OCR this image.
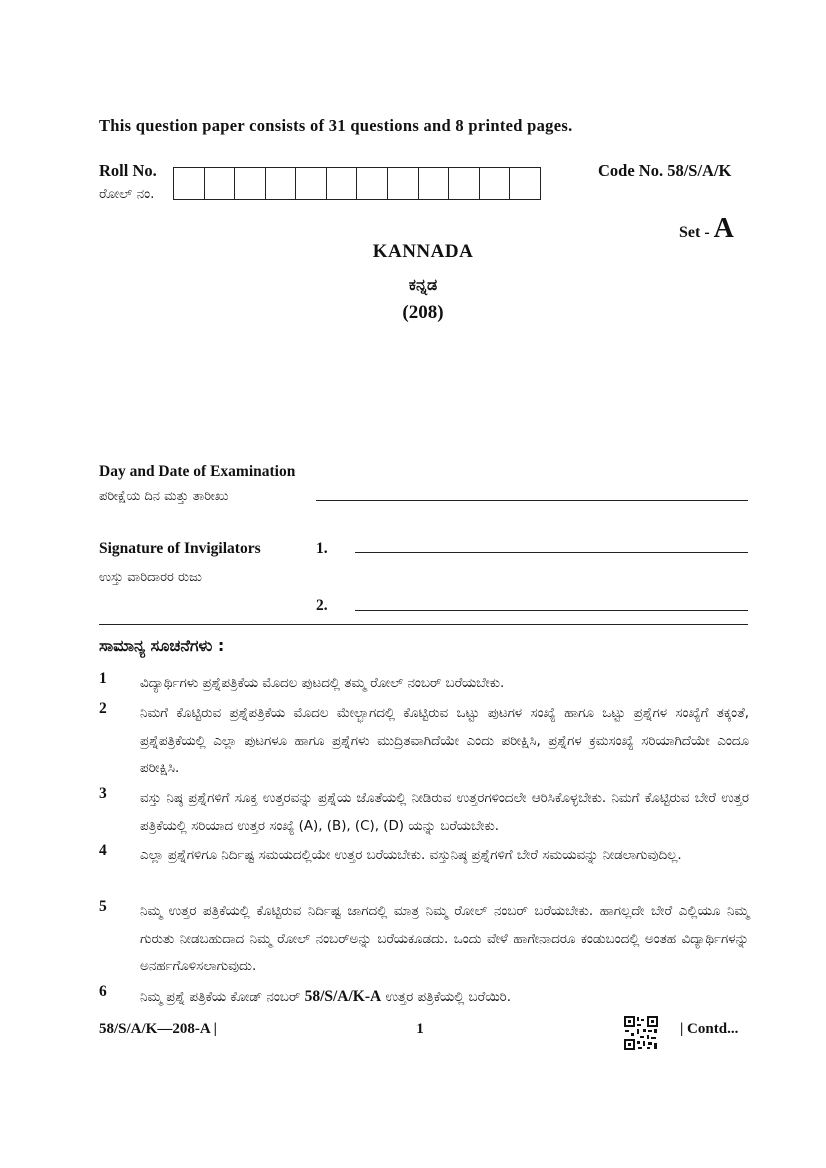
This question paper consists of 31 questions and 8 printed pages.
Roll No.
ರೋಲ್ ನಂ.
Code No. 58/S/A/K
Set - A
KANNADA
ಕನ್ನಡ
(208)
Day and Date of Examination
ಪರೀಕ್ಷೆಯ ದಿನ ಮತ್ತು ತಾರೀಖು
Signature of Invigilators
ಉಸ್ತು ವಾರಿದಾರರ ರುಜು
1.
2.
ಸಾಮಾನ್ಯ ಸೂಚನೆಗಳು :
1 ವಿದ್ಯಾರ್ಥಿಗಳು ಪ್ರಶ್ನೆಪತ್ರಿಕೆಯ ಮೊದಲ ಪುಟದಲ್ಲಿ ತಮ್ಮ ರೋಲ್ ನಂಬರ್ ಬರೆಯಬೇಕು.
2 ನಿಮಗೆ ಕೊಟ್ಟಿರುವ ಪ್ರಶ್ನೆಪತ್ರಿಕೆಯ ಮೊದಲ ಮೇಲ್ಭಾಗದಲ್ಲಿ ಕೊಟ್ಟಿರುವ ಒಟ್ಟು ಪುಟಗಳ ಸಂಖ್ಯೆ ಹಾಗೂ ಒಟ್ಟು ಪ್ರಶ್ನೆಗಳ ಸಂಖ್ಯೆಗೆ ತಕ್ಕಂತೆ, ಪ್ರಶ್ನೆಪತ್ರಿಕೆಯಲ್ಲಿ ಎಲ್ಲಾ ಪುಟಗಳೂ ಹಾಗೂ ಪ್ರಶ್ನೆಗಳು ಮುದ್ರಿತವಾಗಿದೆಯೇ ಎಂದು ಪರೀಕ್ಷಿಸಿ, ಪ್ರಶ್ನೆಗಳ ಕ್ರಮಸಂಖ್ಯೆ ಸರಿಯಾಗಿದೆಯೇ ಎಂದೂ ಪರೀಕ್ಷಿಸಿ.
3 ವಸ್ತು ನಿಷ್ಠ ಪ್ರಶ್ನೆಗಳಿಗೆ ಸೂಕ್ತ ಉತ್ತರವನ್ನು ಪ್ರಶ್ನೆಯ ಜೊತೆಯಲ್ಲಿ ನೀಡಿರುವ ಉತ್ತರಗಳಿಂದಲೇ ಆರಿಸಿಕೊಳ್ಳಬೇಕು. ನಿಮಗೆ ಕೊಟ್ಟಿರುವ ಬೇರೆ ಉತ್ತರ ಪತ್ರಿಕೆಯಲ್ಲಿ ಸರಿಯಾದ ಉತ್ತರ ಸಂಖ್ಯೆ (A), (B), (C), (D) ಯನ್ನು ಬರೆಯಬೇಕು.
4 ಎಲ್ಲಾ ಪ್ರಶ್ನೆಗಳಿಗೂ ನಿರ್ದಿಷ್ಟ ಸಮಯದಲ್ಲಿಯೇ ಉತ್ತರ ಬರೆಯಬೇಕು. ವಸ್ತುನಿಷ್ಠ ಪ್ರಶ್ನೆಗಳಿಗೆ ಬೇರೆ ಸಮಯವನ್ನು ನೀಡಲಾಗುವುದಿಲ್ಲ.
5 ನಿಮ್ಮ ಉತ್ತರ ಪತ್ರಿಕೆಯಲ್ಲಿ ಕೊಟ್ಟಿರುವ ನಿರ್ದಿಷ್ಟ ಜಾಗದಲ್ಲಿ ಮಾತ್ರ ನಿಮ್ಮ ರೋಲ್ ನಂಬರ್ ಬರೆಯಬೇಕು. ಹಾಗಲ್ಲದೇ ಬೇರೆ ಎಲ್ಲಿಯೂ ನಿಮ್ಮ ಗುರುತು ನೀಡಬಹುದಾದ ನಿಮ್ಮ ರೋಲ್ ನಂಬರ್‌ಅನ್ನು ಬರೆಯಕೂಡದು. ಒಂದು ವೇಳೆ ಹಾಗೇನಾದರೂ ಕಂಡುಬಂದಲ್ಲಿ ಅಂತಹ ವಿದ್ಯಾರ್ಥಿಗಳನ್ನು ಅನರ್ಹಗೊಳಿಸಲಾಗುವುದು.
6 ನಿಮ್ಮ ಪ್ರಶ್ನೆ ಪತ್ರಿಕೆಯ ಕೋಡ್ ನಂಬರ್ 58/S/A/K-A ಉತ್ತರ ಪತ್ರಿಕೆಯಲ್ಲಿ ಬರೆಯಿರಿ.
58/S/A/K—208-A |	1	| Contd...
